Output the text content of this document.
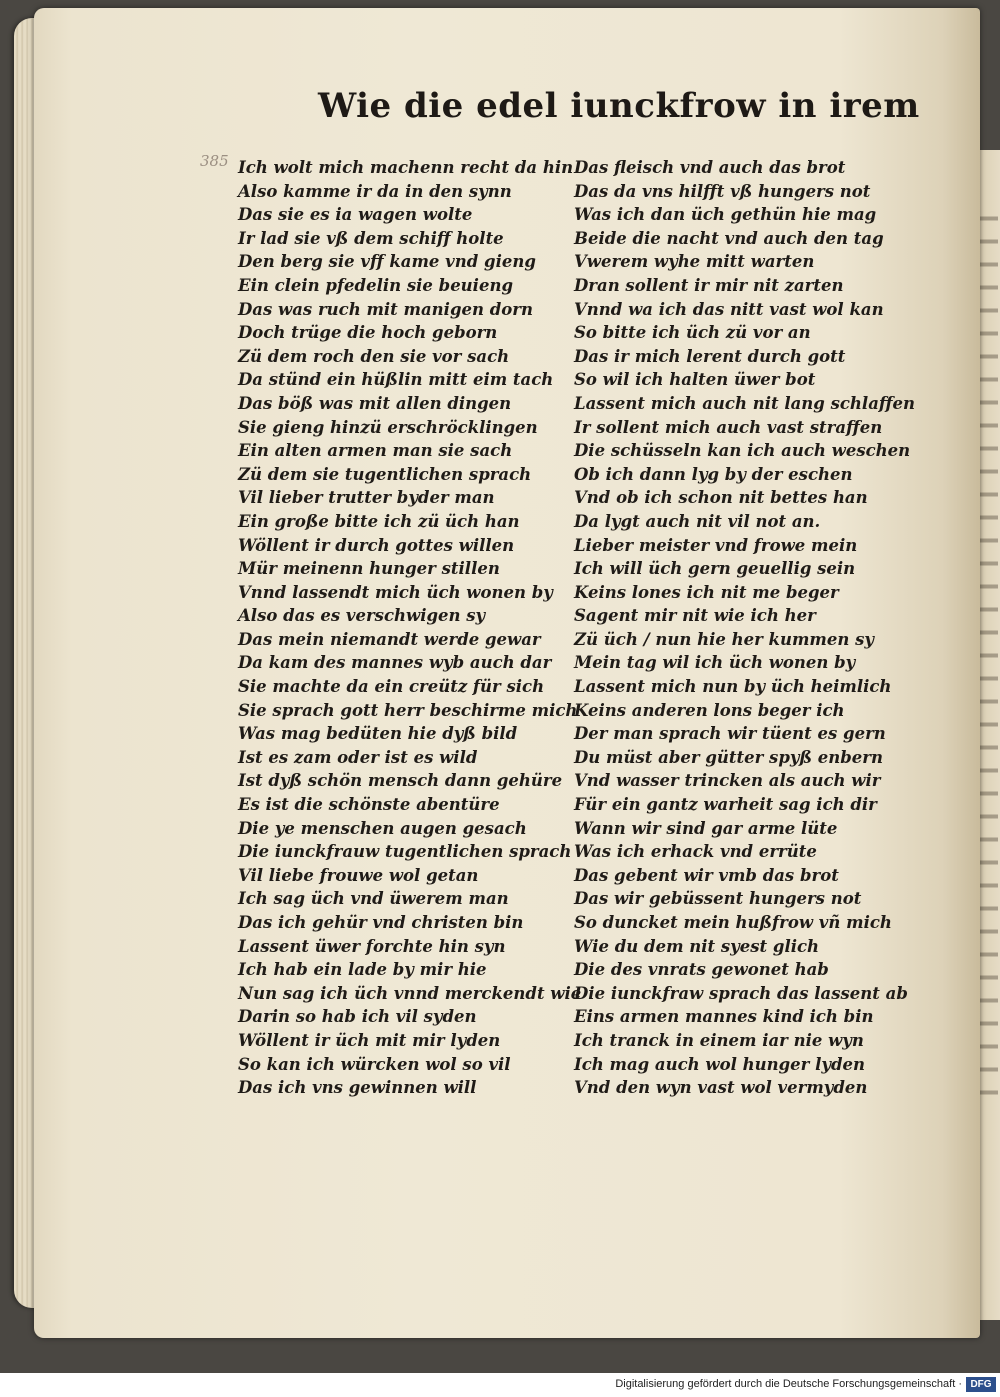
385

Wie die edel iunckfrow in irem
Ich wolt mich machenn recht da hin
Also kamme ir da in den synn
Das sie es ia wagen wolte
Ir lad sie vß dem schiff holte
Den berg sie vff kame vnd gieng
Ein clein pfedelin sie beuieng
Das was ruch mit manigen dorn
Doch trüge die hoch geborn
Zü dem roch den sie vor sach
Da stünd ein hüßlin mitt eim tach
Das böß was mit allen dingen
Sie gieng hinzü erschröcklingen
Ein alten armen man sie sach
Zü dem sie tugentlichen sprach
Vil lieber trutter byder man
Ein große bitte ich zü üch han
Wöllent ir durch gottes willen
Mür meinenn hunger stillen
Vnnd lassendt mich üch wonen by
Also das es verschwigen sy
Das mein niemandt werde gewar
Da kam des mannes wyb auch dar
Sie machte da ein creütz für sich
Sie sprach gott herr beschirme mich
Was mag bedüten hie dyß bild
Ist es zam oder ist es wild
Ist dyß schön mensch dann gehüre
Es ist die schönste abentüre
Die ye menschen augen gesach
Die iunckfrauw tugentlichen sprach
Vil liebe frouwe wol getan
Ich sag üch vnd üwerem man
Das ich gehür vnd christen bin
Lassent üwer forchte hin syn
Ich hab ein lade by mir hie
Nun sag ich üch vnnd merckendt wie
Darin so hab ich vil syden
Wöllent ir üch mit mir lyden
So kan ich würcken wol so vil
Das ich vns gewinnen will
Das fleisch vnd auch das brot
Das da vns hilfft vß hungers not
Was ich dan üch gethün hie mag
Beide die nacht vnd auch den tag
Vwerem wyhe mitt warten
Dran sollent ir mir nit zarten
Vnnd wa ich das nitt vast wol kan
So bitte ich üch zü vor an
Das ir mich lerent durch gott
So wil ich halten üwer bot
Lassent mich auch nit lang schlaffen
Ir sollent mich auch vast straffen
Die schüsseln kan ich auch weschen
Ob ich dann lyg by der eschen
Vnd ob ich schon nit bettes han
Da lygt auch nit vil not an.
Lieber meister vnd frowe mein
Ich will üch gern geuellig sein
Keins lones ich nit me beger
Sagent mir nit wie ich her
Zü üch / nun hie her kummen sy
Mein tag wil ich üch wonen by
Lassent mich nun by üch heimlich
Keins anderen lons beger ich
Der man sprach wir tüent es gern
Du müst aber gütter spyß enbern
Vnd wasser trincken als auch wir
Für ein gantz warheit sag ich dir
Wann wir sind gar arme lüte
Was ich erhack vnd errüte
Das gebent wir vmb das brot
Das wir gebüssent hungers not
So duncket mein hußfrow vñ mich
Wie du dem nit syest glich
Die des vnrats gewonet hab
Die iunckfraw sprach das lassent ab
Eins armen mannes kind ich bin
Ich tranck in einem iar nie wyn
Ich mag auch wol hunger lyden
Vnd den wyn vast wol vermyden

Digitalisierung gefördert durch die Deutsche Forschungsgemeinschaft · DFG
